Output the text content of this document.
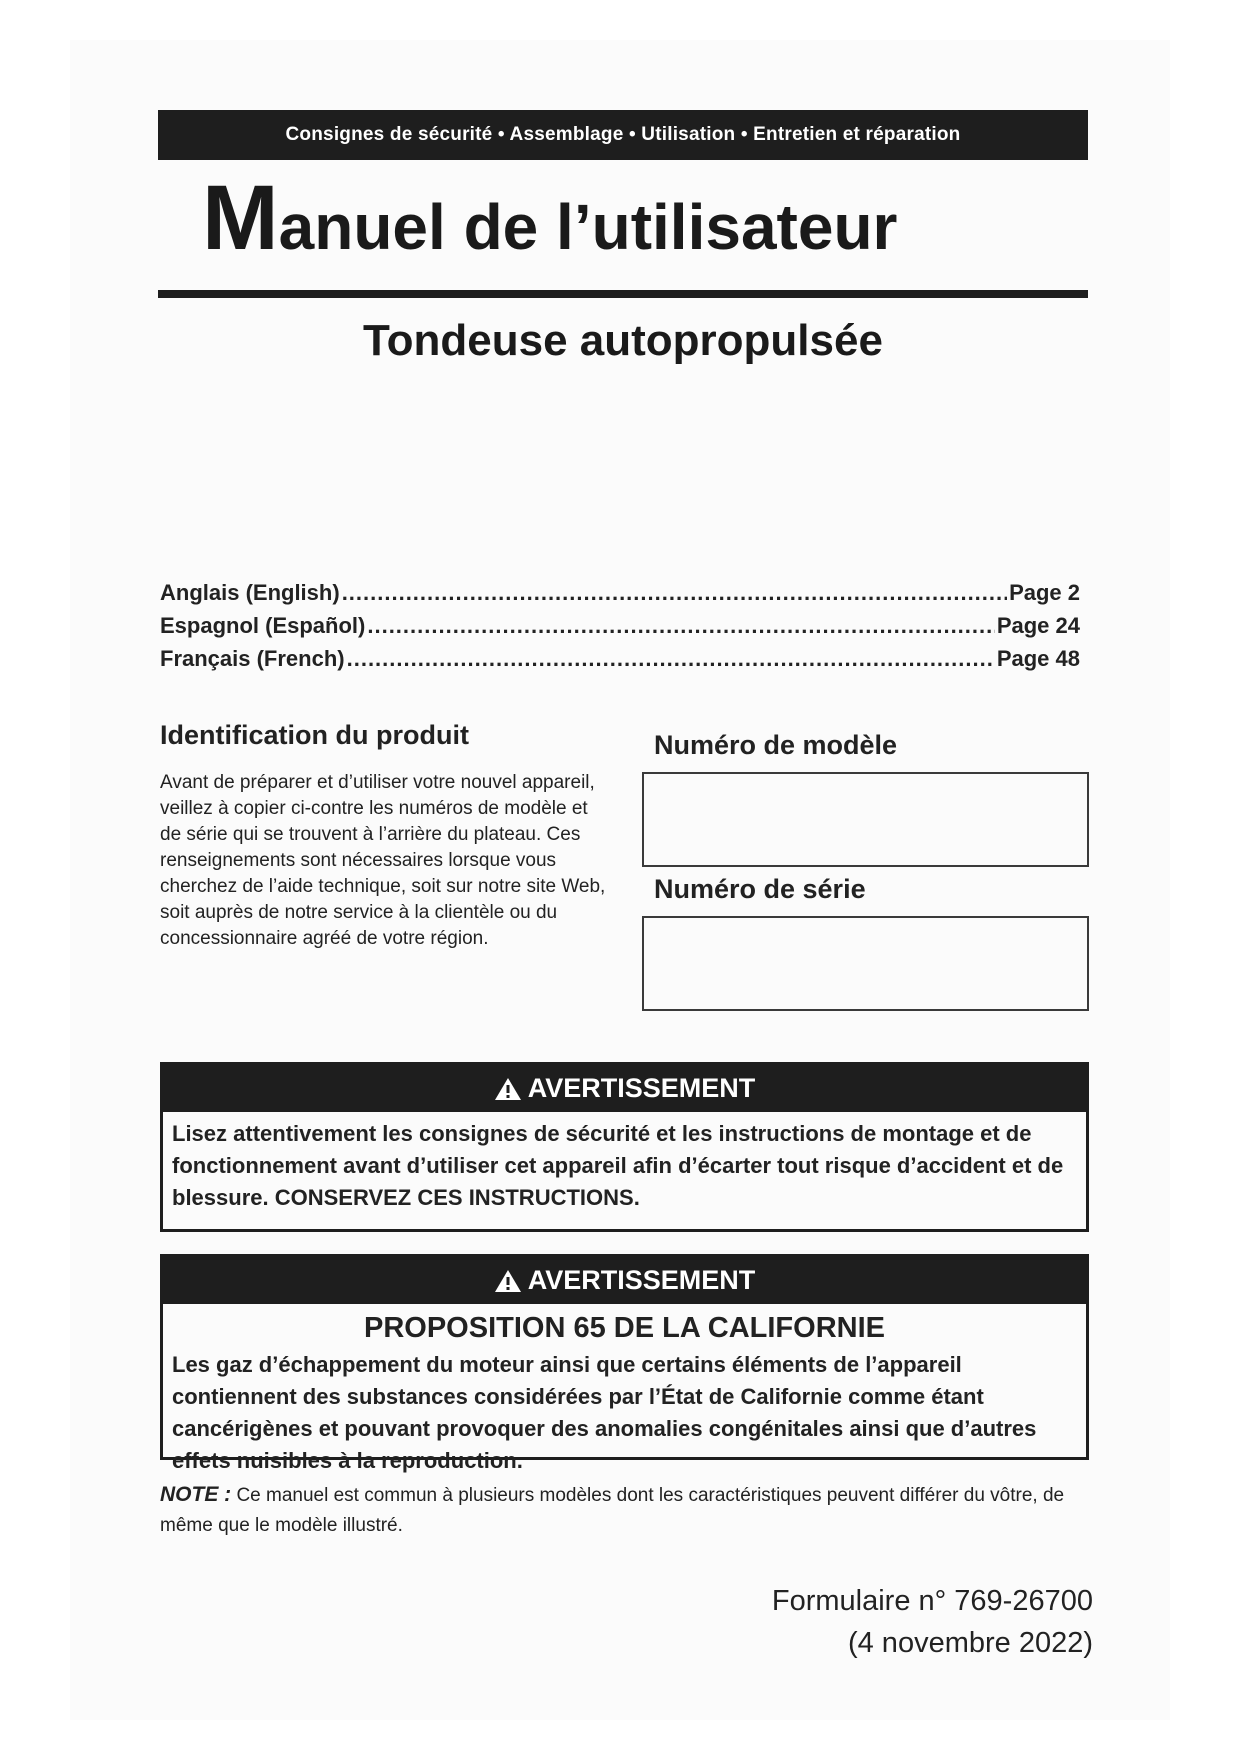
Consignes de sécurité • Assemblage • Utilisation • Entretien et réparation
Manuel de l’utilisateur
Tondeuse autopropulsée
Anglais (English) .....	Page 2
Espagnol (Español) .....	Page 24
Français (French) .....	Page 48
Identification du produit
Avant de préparer et d’utiliser votre nouvel appareil, veillez à copier ci-contre les numéros de modèle et de série qui se trouvent à l’arrière du plateau. Ces renseignements sont nécessaires lorsque vous cherchez de l’aide technique, soit sur notre site Web, soit auprès de notre service à la clientèle ou du concessionnaire agréé de votre région.
Numéro de modèle
Numéro de série
AVERTISSEMENT
Lisez attentivement les consignes de sécurité et les instructions de montage et de fonctionnement avant d’utiliser cet appareil afin d’écarter tout risque d’accident et de blessure. CONSERVEZ CES INSTRUCTIONS.
AVERTISSEMENT
PROPOSITION 65 DE LA CALIFORNIE
Les gaz d’échappement du moteur ainsi que certains éléments de l’appareil contiennent des substances considérées par l’État de Californie comme étant cancérigènes et pouvant provoquer des anomalies congénitales ainsi que d’autres effets nuisibles à la reproduction.
NOTE : Ce manuel est commun à plusieurs modèles dont les caractéristiques peuvent différer du vôtre, de même que le modèle illustré.
Formulaire n° 769-26700
(4 novembre 2022)
